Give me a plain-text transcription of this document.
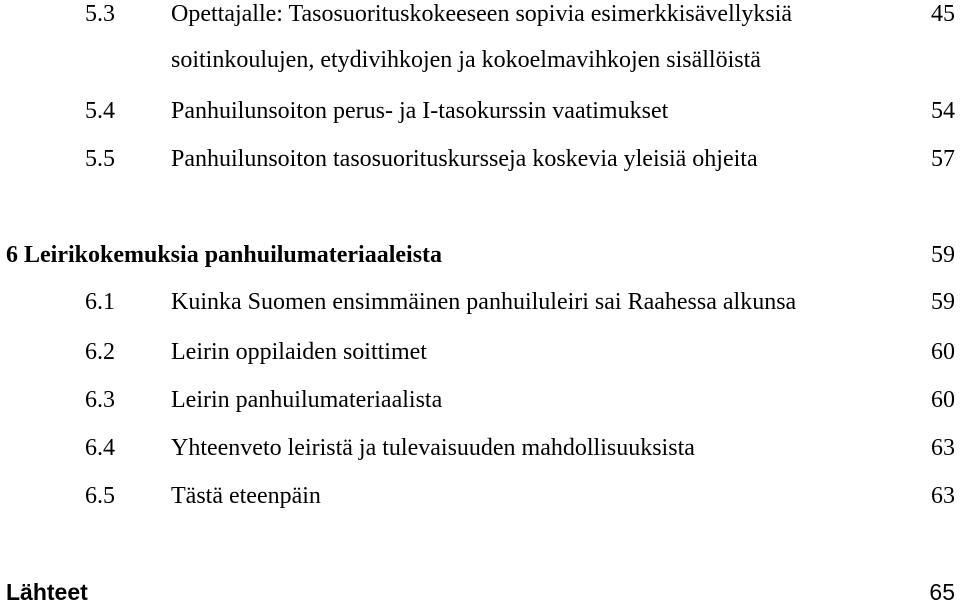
5.3 Opettajalle: Tasosuorituskokeeseen sopivia esimerkkisävellyksiä	45
soitinkoulujen, etydivihkojen ja kokoelmavihkojen sisällöistä
5.4 Panhuilunsoiton perus- ja I-tasokurssin vaatimukset	54
5.5 Panhuilunsoiton tasosuorituskursseja koskevia yleisiä ohjeita	57
6 Leirikokemuksia panhuilumateriaaleista	59
6.1 Kuinka Suomen ensimmäinen panhuiluleiri sai Raahessa alkunsa	59
6.2 Leirin oppilaiden soittimet	60
6.3 Leirin panhuilumateriaalista	60
6.4 Yhteenveto leiristä ja tulevaisuuden mahdollisuuksista	63
6.5 Tästä eteenpäin	63
Lähteet	65
